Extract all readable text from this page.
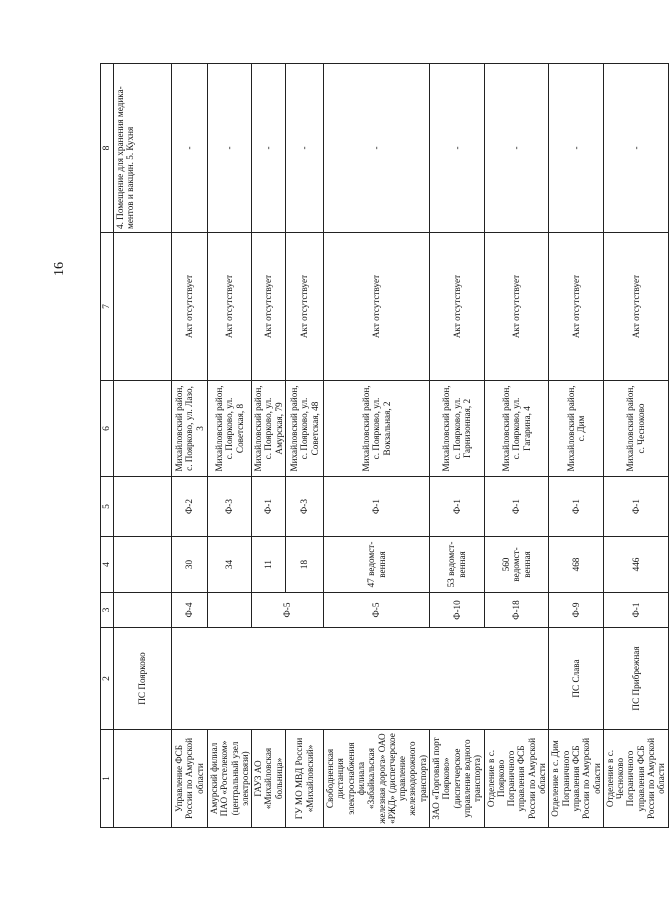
16
1	2	3	4	5	6	7	8
	ПС Поярково						4. Помещение для хранения медика-ментов и вакцин. 5. Кухня
Управление ФСБ России по Амурской области		Ф-4	30	Ф-2	Михайловский район, с. Поярково, ул. Лазо, 3	Акт отсутствует	-
Амурский филиал ПАО «Ростелеком» (центральный узел электросвязи)			34	Ф-3	Михайловский район, с. Поярково, ул. Советская, 8	Акт отсутствует	-
ГАУЗ АО «Михайловская больница»		Ф-5	11	Ф-1	Михайловский район, с. Поярково, ул. Амурская, 79	Акт отсутствует	-
ГУ МО МВД России «Михайловский»			18	Ф-3	Михайловский район, с. Поярково, ул. Советская, 48	Акт отсутствует	-
Свободненская дистанция электроснабжения филиала «Забайкальская железная дорога» ОАО «РЖД» (диспетчерское управление железнодорожного транспорта)		Ф-5	47 ведомст-венная	Ф-1	Михайловский район, с. Поярково, ул. Вокзальная, 2	Акт отсутствует	-
ЗАО «Торговый порт Поярково» (диспетчерское управление водного транспорта)		Ф-10	53 ведомст-венная	Ф-1	Михайловский район, с. Поярково, ул. Гарнизонная, 2	Акт отсутствует	-
Отделение в с. Поярково Пограничного управления ФСБ России по Амурской области		Ф-18	560 ведомст-венная	Ф-1	Михайловский район, с. Поярково, ул. Гагарина, 4	Акт отсутствует	-
Отделение в с. Дим Пограничного управления ФСБ России по Амурской области	ПС Слава	Ф-9	468	Ф-1	Михайловский район, с. Дим	Акт отсутствует	-
Отделение в с. Чесноково Пограничного управления ФСБ России по Амурской области	ПС Прибрежная	Ф-1	446	Ф-1	Михайловский район, с. Чесноково	Акт отсутствует	-
